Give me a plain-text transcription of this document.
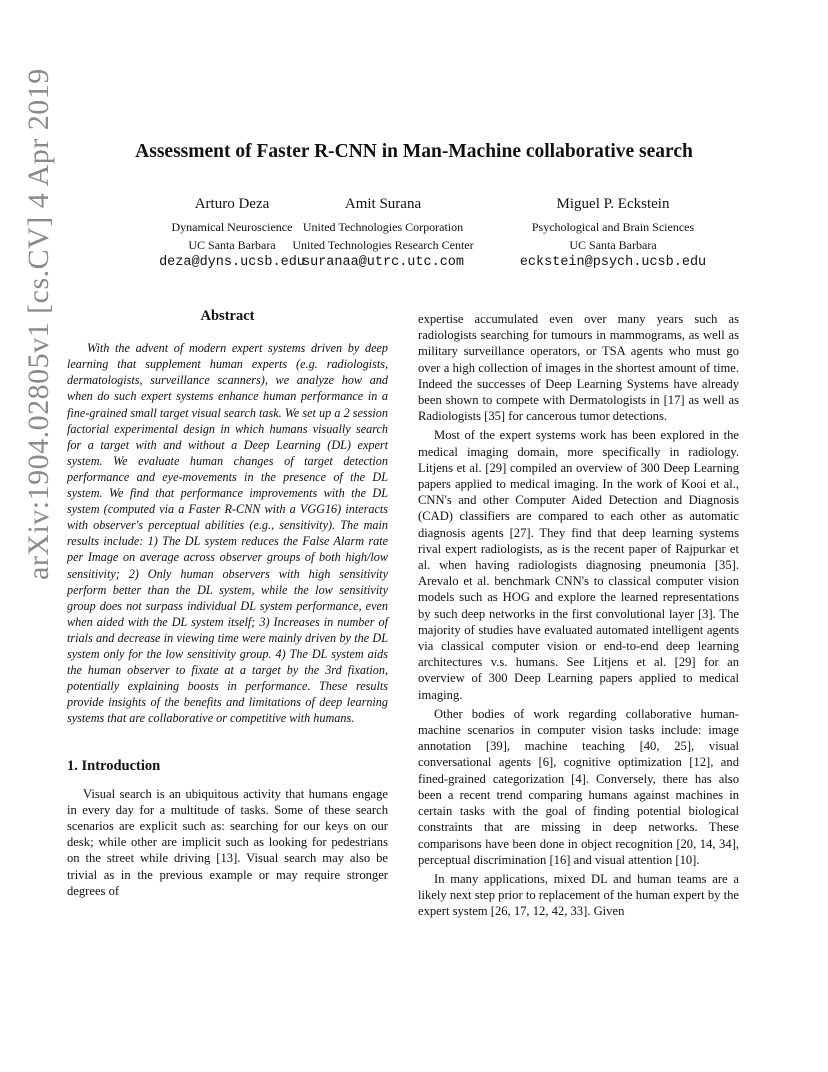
arXiv:1904.02805v1 [cs.CV] 4 Apr 2019	Assessment of Faster R-CNN in Man-Machine collaborative search
Arturo Deza
Dynamical Neuroscience
UC Santa Barbara
deza@dyns.ucsb.edu
Amit Surana
United Technologies Corporation
United Technologies Research Center
suranaa@utrc.utc.com
Miguel P. Eckstein
Psychological and Brain Sciences
UC Santa Barbara
eckstein@psych.ucsb.edu
Abstract

With the advent of modern expert systems driven by deep learning that supplement human experts (e.g. radiologists, dermatologists, surveillance scanners), we analyze how and when do such expert systems enhance human performance in a fine-grained small target visual search task. We set up a 2 session factorial experimental design in which humans visually search for a target with and without a Deep Learning (DL) expert system. We evaluate human changes of target detection performance and eye-movements in the presence of the DL system. We find that performance improvements with the DL system (computed via a Faster R-CNN with a VGG16) interacts with observer's perceptual abilities (e.g., sensitivity). The main results include: 1) The DL system reduces the False Alarm rate per Image on average across observer groups of both high/low sensitivity; 2) Only human observers with high sensitivity perform better than the DL system, while the low sensitivity group does not surpass individual DL system performance, even when aided with the DL system itself; 3) Increases in number of trials and decrease in viewing time were mainly driven by the DL system only for the low sensitivity group. 4) The DL system aids the human observer to fixate at a target by the 3rd fixation, potentially explaining boosts in performance. These results provide insights of the benefits and limitations of deep learning systems that are collaborative or competitive with humans.

1. Introduction

Visual search is an ubiquitous activity that humans engage in every day for a multitude of tasks. Some of these search scenarios are explicit such as: searching for our keys on our desk; while other are implicit such as looking for pedestrians on the street while driving [13]. Visual search may also be trivial as in the previous example or may require stronger degrees of

expertise accumulated even over many years such as radiologists searching for tumours in mammograms, as well as military surveillance operators, or TSA agents who must go over a high collection of images in the shortest amount of time. Indeed the successes of Deep Learning Systems have already been shown to compete with Dermatologists in [17] as well as Radiologists [35] for cancerous tumor detections.

Most of the expert systems work has been explored in the medical imaging domain, more specifically in radiology. Litjens et al. [29] compiled an overview of 300 Deep Learning papers applied to medical imaging. In the work of Kooi et al., CNN's and other Computer Aided Detection and Diagnosis (CAD) classifiers are compared to each other as automatic diagnosis agents [27]. They find that deep learning systems rival expert radiologists, as is the recent paper of Rajpurkar et al. when having radiologists diagnosing pneumonia [35]. Arevalo et al. benchmark CNN's to classical computer vision models such as HOG and explore the learned representations by such deep networks in the first convolutional layer [3]. The majority of studies have evaluated automated intelligent agents via classical computer vision or end-to-end deep learning architectures v.s. humans. See Litjens et al. [29] for an overview of 300 Deep Learning papers applied to medical imaging.

Other bodies of work regarding collaborative human-machine scenarios in computer vision tasks include: image annotation [39], machine teaching [40, 25], visual conversational agents [6], cognitive optimization [12], and fined-grained categorization [4]. Conversely, there has also been a recent trend comparing humans against machines in certain tasks with the goal of finding potential biological constraints that are missing in deep networks. These comparisons have been done in object recognition [20, 14, 34], perceptual discrimination [16] and visual attention [10].

In many applications, mixed DL and human teams are a likely next step prior to replacement of the human expert by the expert system [26, 17, 12, 42, 33]. Given
